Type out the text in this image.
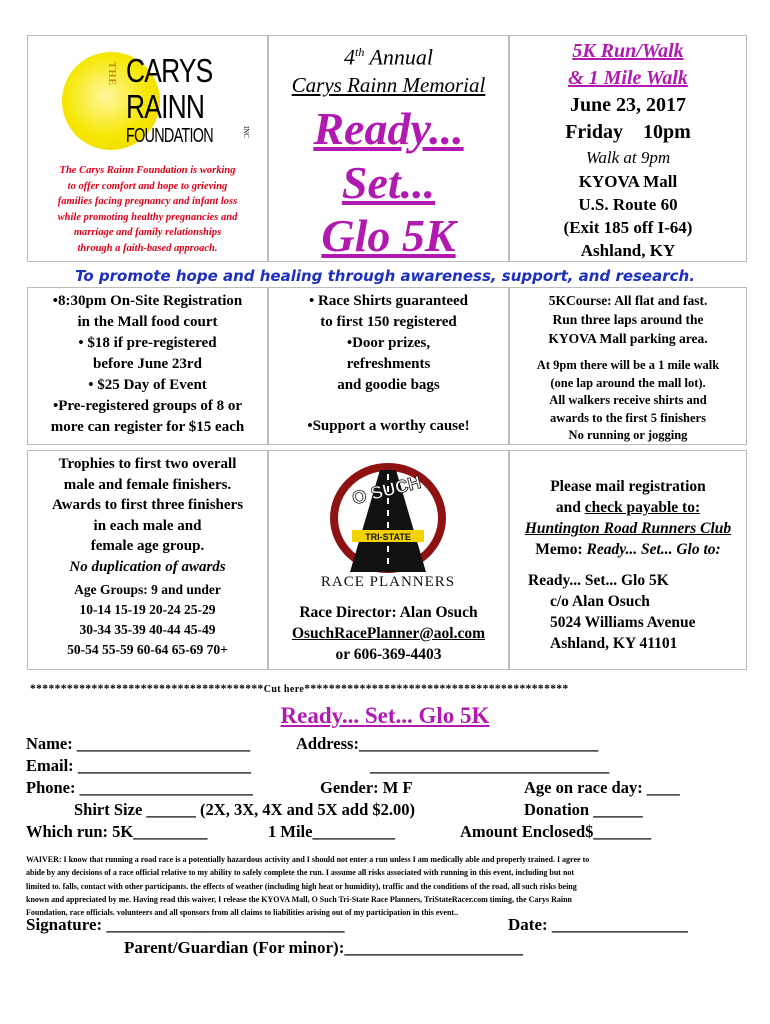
THE CARYS
RAINN
FOUNDATION	INC
The Carys Rainn Foundation is working
to offer comfort and hope to grieving
families facing pregnancy and infant loss
while promoting healthy pregnancies and
marriage and family relationships
through a faith-based approach.
4th Annual
Carys Rainn Memorial
Ready...
Set...
Glo 5K
5K Run/Walk
& 1 Mile Walk
June 23, 2017
Friday 10pm
Walk at 9pm
KYOVA Mall
U.S. Route 60
(Exit 185 off I-64)
Ashland, KY
To promote hope and healing through awareness, support, and research.
•8:30pm On-Site Registration
in the Mall food court
• $18 if pre-registered
before June 23rd
• $25 Day of Event
•Pre-registered groups of 8 or
more can register for $15 each
• Race Shirts guaranteed
to first 150 registered
•Door prizes,
refreshments
and goodie bags
•Support a worthy cause!
5KCourse: All flat and fast.
Run three laps around the
KYOVA Mall parking area.
At 9pm there will be a 1 mile walk
(one lap around the mall lot).
All walkers receive shirts and
awards to the first 5 finishers
No running or jogging
Trophies to first two overall
male and female finishers.
Awards to first three finishers
in each male and
female age group.
No duplication of awards
Age Groups: 9 and under
10-14 15-19 20-24 25-29
30-34 35-39 40-44 45-49
50-54 55-59 60-64 65-69 70+
TRI-STATE
O SUCH
RACE PLANNERS
Race Director: Alan Osuch
OsuchRacePlanner@aol.com
or 606-369-4403
Please mail registration
and check payable to:
Huntington Road Runners Club
Memo: Ready... Set... Glo to:
Ready... Set... Glo 5K
c/o Alan Osuch
5024 Williams Avenue
Ashland, KY 41101
**************************************Cut here*******************************************
Ready... Set... Glo 5K
Name: _____________________	Address:_____________________________
Email: _____________________	_____________________________
Phone: _____________________	Gender: M F	Age on race day: ____
Shirt Size ______ (2X, 3X, 4X and 5X add $2.00)	Donation ______
Which run: 5K_________	1 Mile__________	Amount Enclosed$_______
WAIVER: I know that running a road race is a potentially hazardous activity and I should not enter a run unless I am medically able and properly trained. I agree to
abide by any decisions of a race official relative to my ability to safely complete the run. I assume all risks associated with running in this event, including but not
limited to. falls, contact with other participants. the effects of weather (including high heat or humidity), traffic and the conditions of the road, all such risks being
known and appreciated by me. Having read this waiver, I release the KYOVA Mall, O Such Tri-State Race Planners, TriStateRacer.com timing, the Carys Rainn
Foundation, race officials. volunteers and all sponsors from all claims to liabilities arising out of my participation in this event..
Signature: ____________________________	Date: ________________
Parent/Guardian (For minor):_____________________
